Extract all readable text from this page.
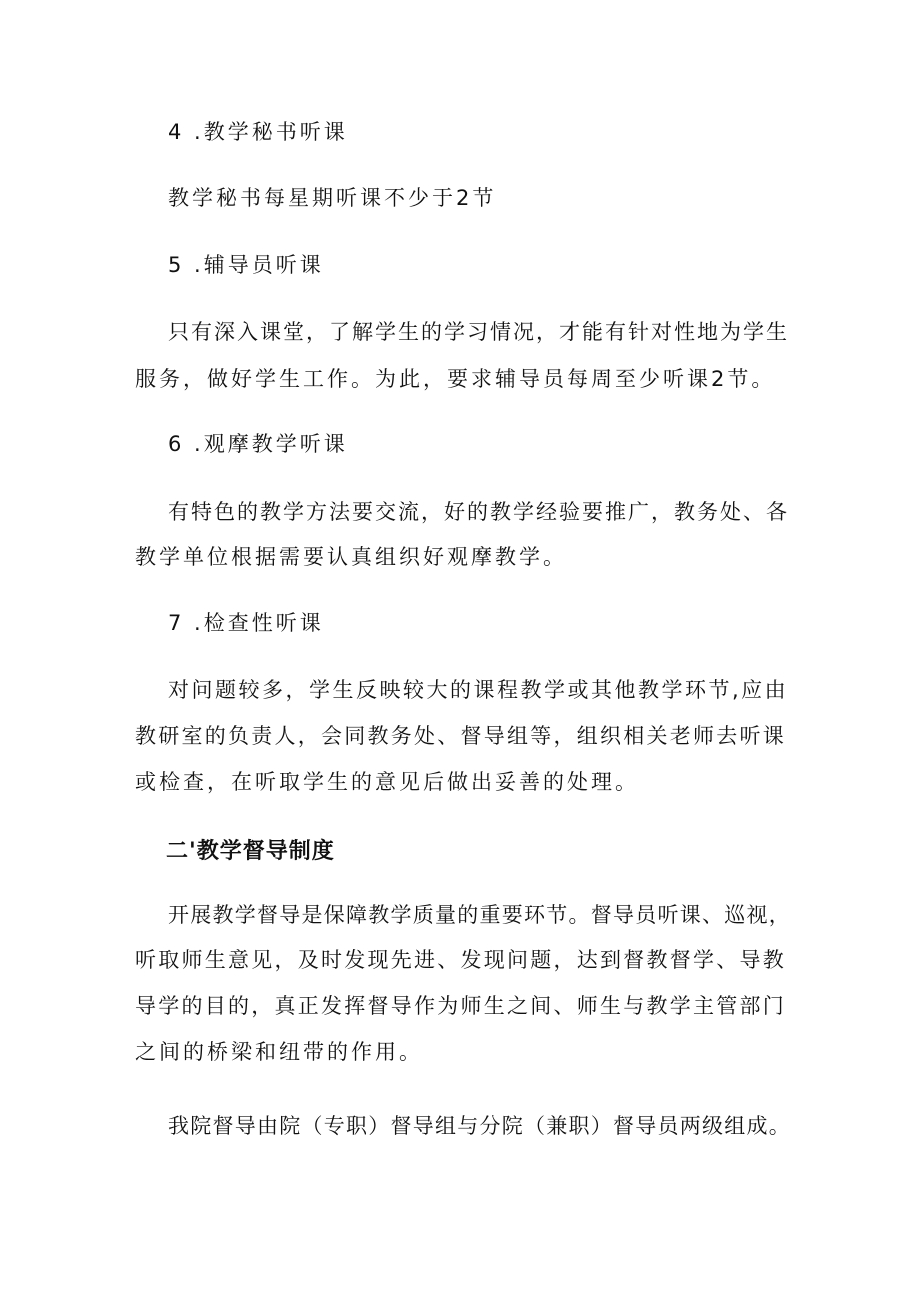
4 .教学秘书听课

教学秘书每星期听课不少于2节

5 .辅导员听课

只有深入课堂，了解学生的学习情况，才能有针对性地为学生

服务，做好学生工作。为此，要求辅导员每周至少听课2节。

6 .观摩教学听课

有特色的教学方法要交流，好的教学经验要推广，教务处、各

教学单位根据需要认真组织好观摩教学。

7 .检查性听课

对问题较多，学生反映较大的课程教学或其他教学环节,应由

教研室的负责人，会同教务处、督导组等，组织相关老师去听课

或检查，在听取学生的意见后做出妥善的处理。

二'教学督导制度

开展教学督导是保障教学质量的重要环节。督导员听课、巡视，

听取师生意见，及时发现先进、发现问题，达到督教督学、导教

导学的目的，真正发挥督导作为师生之间、师生与教学主管部门

之间的桥梁和纽带的作用。

我院督导由院（专职）督导组与分院（兼职）督导员两级组成。
